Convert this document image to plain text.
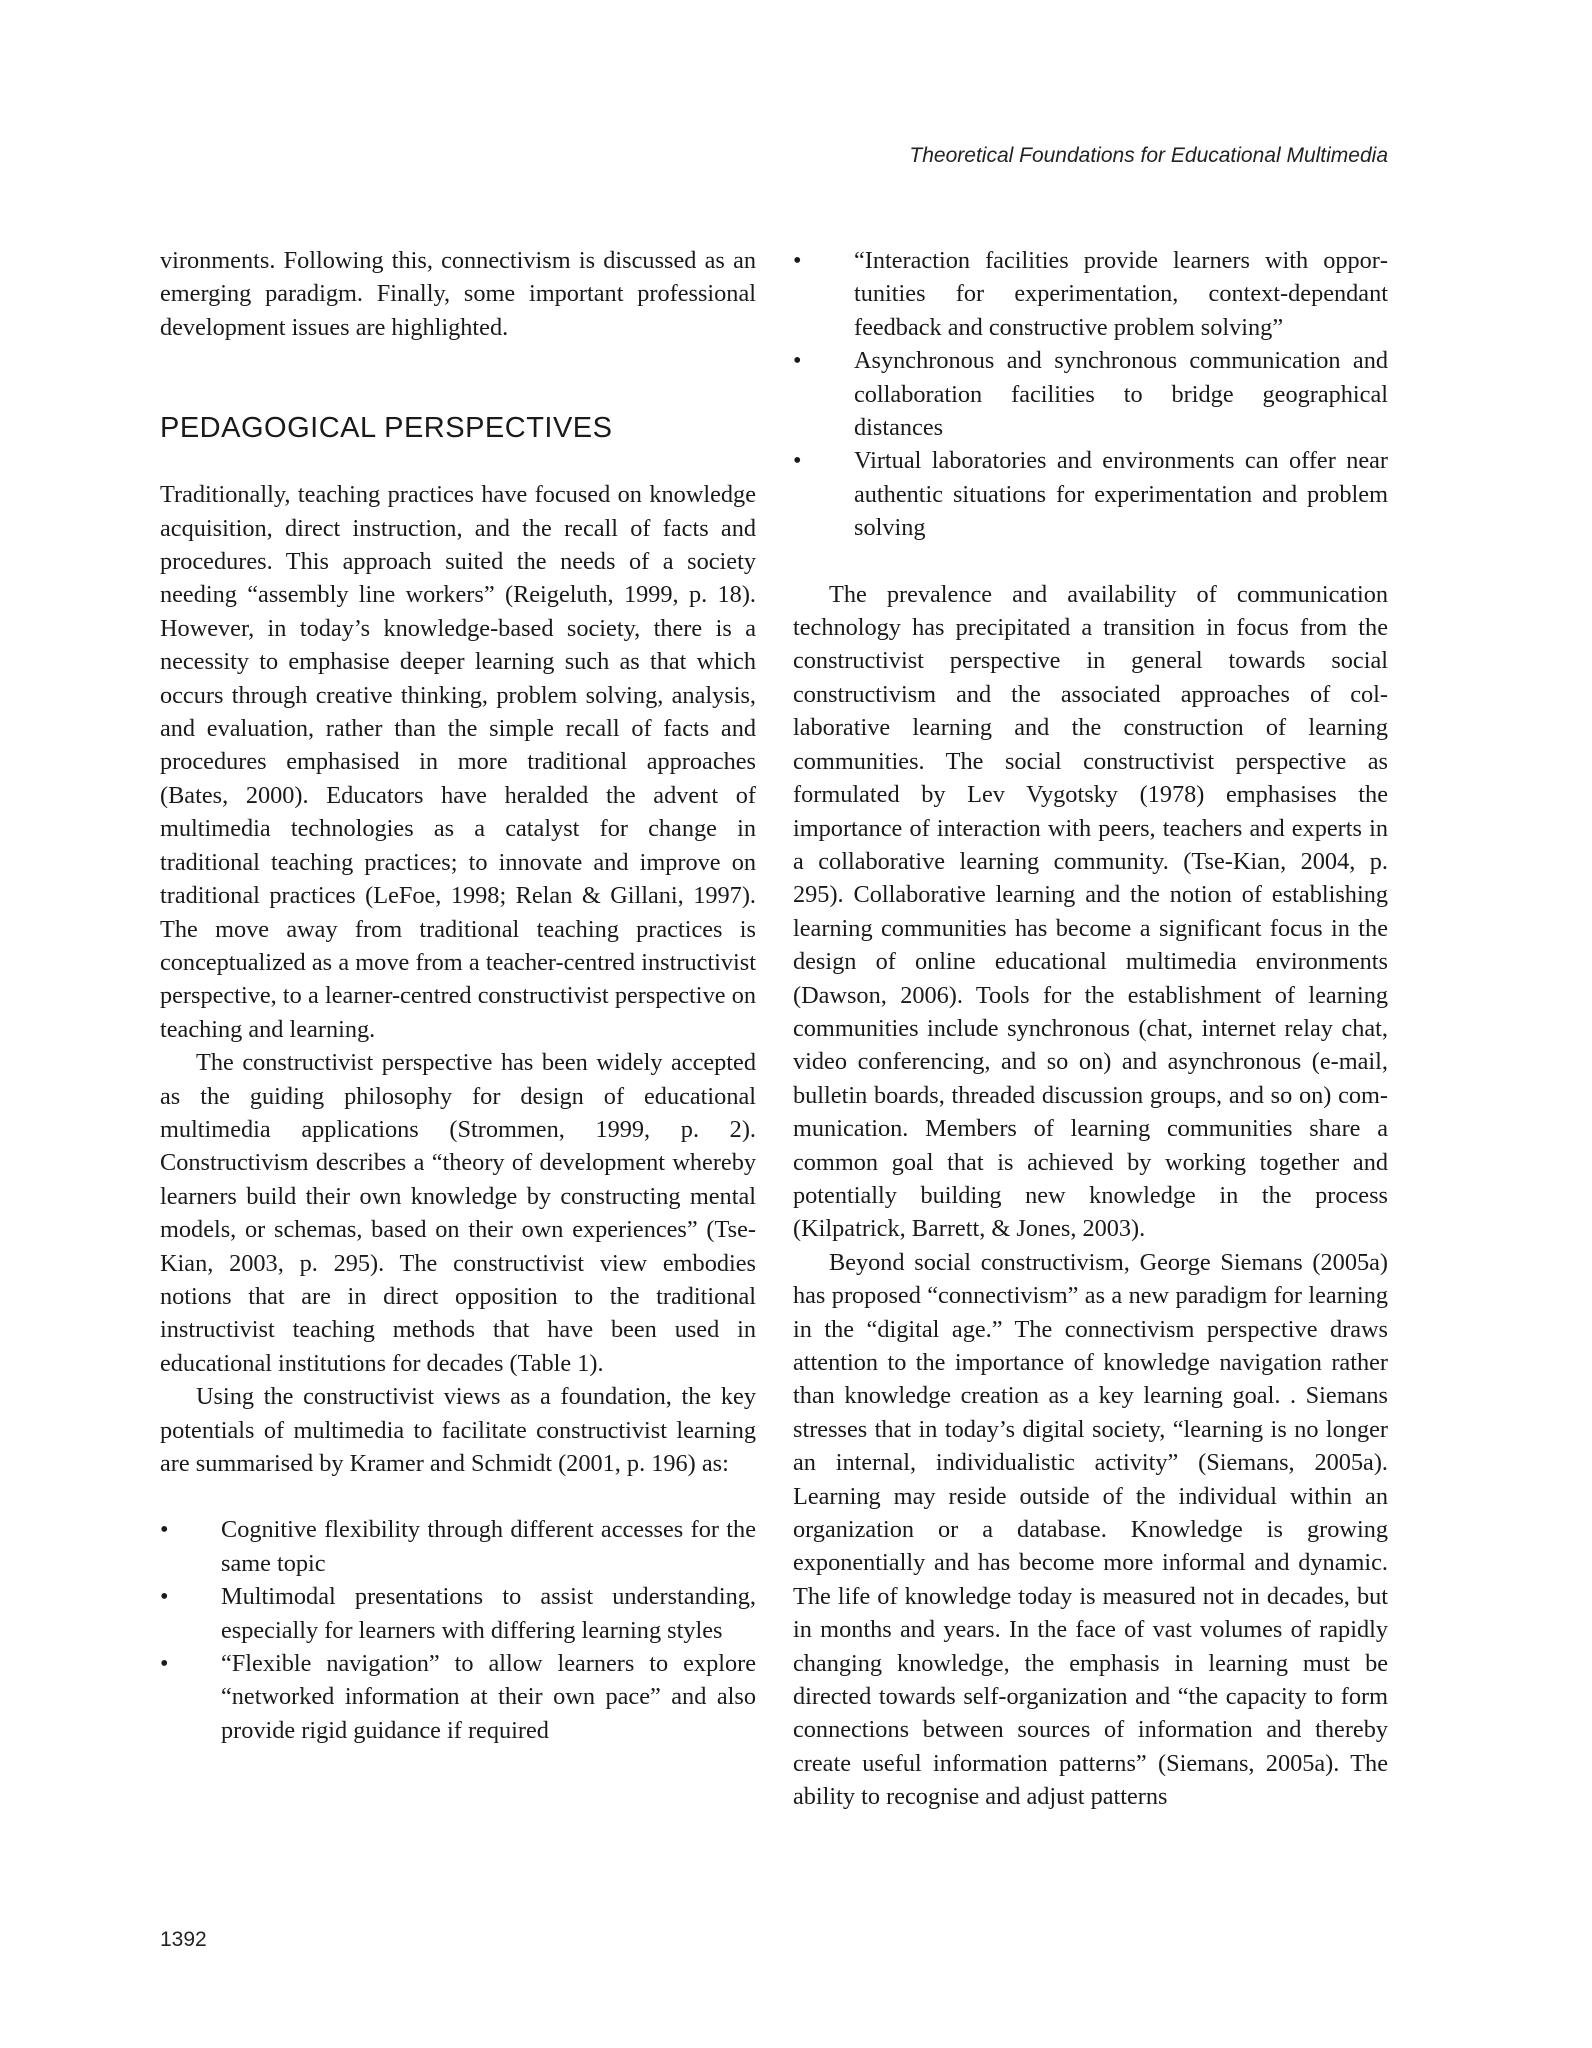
Theoretical Foundations for Educational Multimedia

vironments. Following this, connectivism is discussed as an emerging paradigm. Finally, some important professional development issues are highlighted.

PEDAGOGICAL PERSPECTIVES

Traditionally, teaching practices have focused on knowledge acquisition, direct instruction, and the recall of facts and procedures. This approach suited the needs of a society needing “assembly line workers” (Reigeluth, 1999, p. 18). However, in today’s knowledge-based society, there is a necessity to emphasise deeper learning such as that which occurs through creative thinking, problem solving, analysis, and evaluation, rather than the simple recall of facts and procedures emphasised in more traditional approaches (Bates, 2000). Educators have heralded the advent of multimedia technologies as a catalyst for change in traditional teaching practices; to innovate and improve on traditional practices (LeFoe, 1998; Relan & Gillani, 1997). The move away from traditional teaching practices is conceptualized as a move from a teacher-centred instructivist perspective, to a learner-centred constructivist perspective on teaching and learning.

The constructivist perspective has been widely accepted as the guiding philosophy for design of educational multimedia applications (Strommen, 1999, p. 2). Constructivism describes a “theory of development whereby learners build their own knowledge by constructing mental models, or schemas, based on their own experiences” (Tse-Kian, 2003, p. 295). The constructivist view embodies notions that are in direct opposition to the traditional instructivist teaching methods that have been used in educational institutions for decades (Table 1).

Using the constructivist views as a foundation, the key potentials of multimedia to facilitate constructivist learning are summarised by Kramer and Schmidt (2001, p. 196) as:

•	Cognitive flexibility through different accesses for the same topic
•	Multimodal presentations to assist understanding, especially for learners with differing learning styles
•	“Flexible navigation” to allow learners to explore “networked information at their own pace” and also provide rigid guidance if required
•	“Interaction facilities provide learners with opportunities for experimentation, context-dependant feedback and constructive problem solving”
•	Asynchronous and synchronous communication and collaboration facilities to bridge geographical distances
•	Virtual laboratories and environments can offer near authentic situations for experimentation and problem solving

The prevalence and availability of communication technology has precipitated a transition in focus from the constructivist perspective in general towards social constructivism and the associated approaches of collaborative learning and the construction of learning communities. The social constructivist perspective as formulated by Lev Vygotsky (1978) emphasises the importance of interaction with peers, teachers and experts in a collaborative learning community. (Tse-Kian, 2004, p. 295). Collaborative learning and the notion of establishing learning communities has become a significant focus in the design of online educational multimedia environments (Dawson, 2006). Tools for the establishment of learning communities include synchronous (chat, internet relay chat, video conferencing, and so on) and asynchronous (e-mail, bulletin boards, threaded discussion groups, and so on) communication. Members of learning communities share a common goal that is achieved by working together and potentially building new knowledge in the process (Kilpatrick, Barrett, & Jones, 2003).

Beyond social constructivism, George Siemans (2005a) has proposed “connectivism” as a new paradigm for learning in the “digital age.” The connectivism perspective draws attention to the importance of knowledge navigation rather than knowledge creation as a key learning goal. . Siemans stresses that in today’s digital society, “learning is no longer an internal, individualistic activity” (Siemans, 2005a). Learning may reside outside of the individual within an organization or a database. Knowledge is growing exponentially and has become more informal and dynamic. The life of knowledge today is measured not in decades, but in months and years. In the face of vast volumes of rapidly changing knowledge, the emphasis in learning must be directed towards self-organization and “the capacity to form connections between sources of information and thereby create useful information patterns” (Siemans, 2005a). The ability to recognise and adjust patterns

1392
